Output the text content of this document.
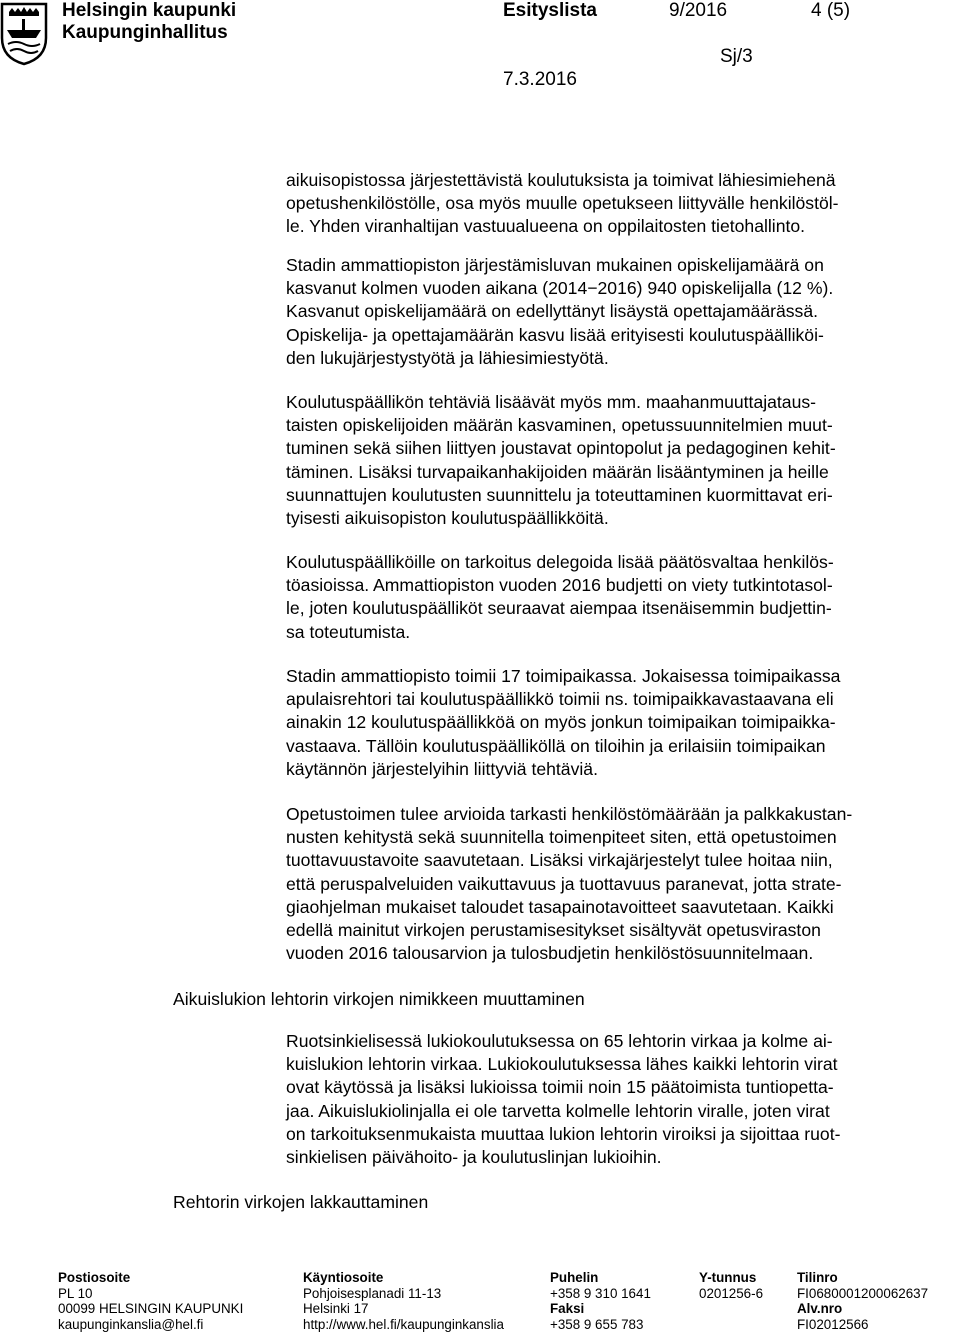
Helsingin kaupunki
Kaupunginhallitus
Esityslista	9/2016	4 (5)
Sj/3
7.3.2016

aikuisopistossa järjestettävistä koulutuksista ja toimivat lähiesimiehenä
opetushenkilöstölle, osa myös muulle opetukseen liittyvälle henkilöstöl-
le. Yhden viranhaltijan vastuualueena on oppilaitosten tietohallinto.

Stadin ammattiopiston järjestämisluvan mukainen opiskelijamäärä on
kasvanut kolmen vuoden aikana (2014−2016) 940 opiskelijalla (12 %).
Kasvanut opiskelijamäärä on edellyttänyt lisäystä opettajamäärässä.
Opiskelija- ja opettajamäärän kasvu lisää erityisesti koulutuspäälliköi-
den lukujärjestystyötä ja lähiesimiestyötä.

Koulutuspäällikön tehtäviä lisäävät myös mm. maahanmuuttajataus-
taisten opiskelijoiden määrän kasvaminen, opetussuunnitelmien muut-
tuminen sekä siihen liittyen joustavat opintopolut ja pedagoginen kehit-
täminen. Lisäksi turvapaikanhakijoiden määrän lisääntyminen ja heille
suunnattujen koulutusten suunnittelu ja toteuttaminen kuormittavat eri-
tyisesti aikuisopiston koulutuspäällikköitä.

Koulutuspäälliköille on tarkoitus delegoida lisää päätösvaltaa henkilös-
töasioissa. Ammattiopiston vuoden 2016 budjetti on viety tutkintotasol-
le, joten koulutuspäälliköt seuraavat aiempaa itsenäisemmin budjettin-
sa toteutumista.

Stadin ammattiopisto toimii 17 toimipaikassa. Jokaisessa toimipaikassa
apulaisrehtori tai koulutuspäällikkö toimii ns. toimipaikkavastaavana eli
ainakin 12 koulutuspäällikköä on myös jonkun toimipaikan toimipaikka-
vastaava. Tällöin koulutuspäälliköllä on tiloihin ja erilaisiin toimipaikan
käytännön järjestelyihin liittyviä tehtäviä.

Opetustoimen tulee arvioida tarkasti henkilöstömäärään ja palkkakustan-
nusten kehitystä sekä suunnitella toimenpiteet siten, että opetustoimen
tuottavuustavoite saavutetaan. Lisäksi virkajärjestelyt tulee hoitaa niin,
että peruspalveluiden vaikuttavuus ja tuottavuus paranevat, jotta strate-
giaohjelman mukaiset taloudet tasapainotavoitteet saavutetaan. Kaikki
edellä mainitut virkojen perustamisesitykset sisältyvät opetusviraston
vuoden 2016 talousarvion ja tulosbudjetin henkilöstösuunnitelmaan.

Aikuislukion lehtorin virkojen nimikkeen muuttaminen

Ruotsinkielisessä lukiokoulutuksessa on 65 lehtorin virkaa ja kolme ai-
kuislukion lehtorin virkaa. Lukiokoulutuksessa lähes kaikki lehtorin virat
ovat käytössä ja lisäksi lukioissa toimii noin 15 päätoimista tuntiopetta-
jaa. Aikuislukiolinjalla ei ole tarvetta kolmelle lehtorin viralle, joten virat
on tarkoituksenmukaista muuttaa lukion lehtorin viroiksi ja sijoittaa ruot-
sinkielisen päivähoito- ja koulutuslinjan lukioihin.

Rehtorin virkojen lakkauttaminen
Postiosoite
PL 10
00099 HELSINGIN KAUPUNKI
kaupunginkanslia@hel.fi
Käyntiosoite
Pohjoisesplanadi 11-13
Helsinki 17
http://www.hel.fi/kaupunginkanslia
Puhelin
+358 9 310 1641
Faksi
+358 9 655 783
Y-tunnus
0201256-6
Tilinro
FI0680001200062637
Alv.nro
FI02012566
